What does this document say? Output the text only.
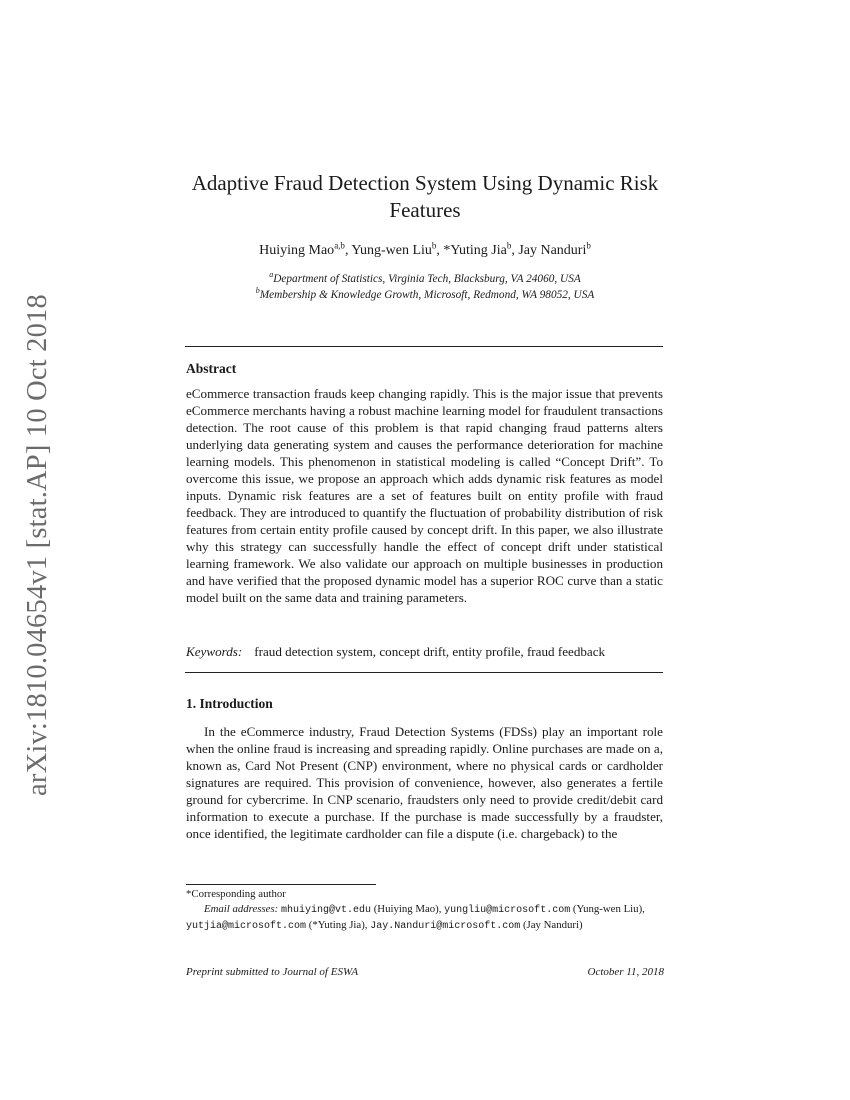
arXiv:1810.04654v1 [stat.AP] 10 Oct 2018
Adaptive Fraud Detection System Using Dynamic Risk Features
Huiying Mao$^{a,b}$, Yung-wen Liu$^b$, *Yuting Jia$^b$, Jay Nanduri$^b$
$^a$Department of Statistics, Virginia Tech, Blacksburg, VA 24060, USA
$^b$Membership & Knowledge Growth, Microsoft, Redmond, WA 98052, USA
Abstract
eCommerce transaction frauds keep changing rapidly. This is the major issue that prevents eCommerce merchants having a robust machine learning model for fraudulent transactions detection. The root cause of this problem is that rapid changing fraud patterns alters underlying data generating system and causes the performance deterioration for machine learning models. This phenomenon in statistical modeling is called “Concept Drift”. To overcome this issue, we propose an approach which adds dynamic risk features as model inputs. Dynamic risk features are a set of features built on entity profile with fraud feedback. They are introduced to quantify the fluctuation of probability distribution of risk features from certain entity profile caused by concept drift. In this paper, we also illustrate why this strategy can successfully handle the effect of concept drift under statistical learning framework. We also validate our approach on multiple businesses in production and have verified that the proposed dynamic model has a superior ROC curve than a static model built on the same data and training parameters.
Keywords: fraud detection system, concept drift, entity profile, fraud feedback
1. Introduction
In the eCommerce industry, Fraud Detection Systems (FDSs) play an important role when the online fraud is increasing and spreading rapidly. Online purchases are made on a, known as, Card Not Present (CNP) environment, where no physical cards or cardholder signatures are required. This provision of convenience, however, also generates a fertile ground for cybercrime. In CNP scenario, fraudsters only need to provide credit/debit card information to execute a purchase. If the purchase is made successfully by a fraudster, once identified, the legitimate cardholder can file a dispute (i.e. chargeback) to the
*Corresponding author
Email addresses: mhuiying@vt.edu (Huiying Mao), yungliu@microsoft.com (Yung-wen Liu), yutjia@microsoft.com (*Yuting Jia), Jay.Nanduri@microsoft.com (Jay Nanduri)
Preprint submitted to Journal of ESWA	October 11, 2018
